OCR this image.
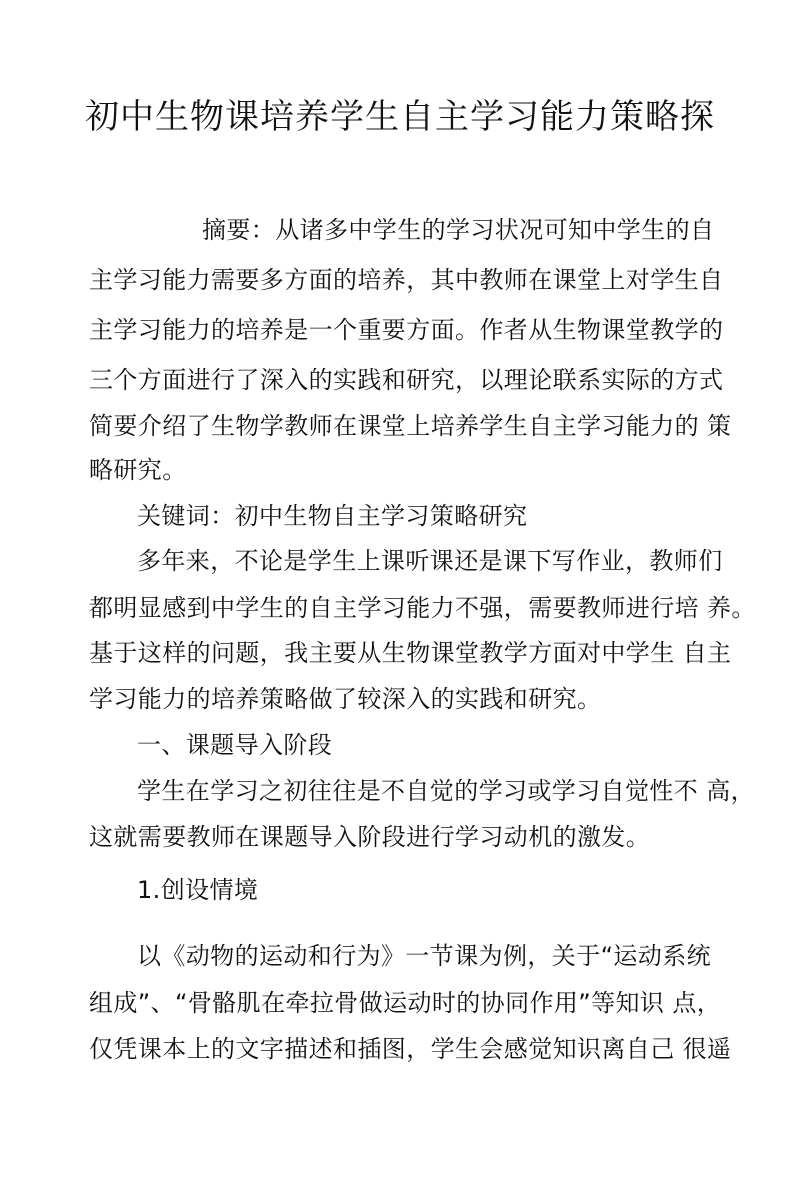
初中生物课培养学生自主学习能力策略探
摘要：从诸多中学生的学习状况可知中学生的自
主学习能力需要多方面的培养，其中教师在课堂上对学生自
主学习能力的培养是一个重要方面。作者从生物课堂教学的
三个方面进行了深入的实践和研究，以理论联系实际的方式
简要介绍了生物学教师在课堂上培养学生自主学习能力的 策
略研究。
关键词：初中生物自主学习策略研究
多年来，不论是学生上课听课还是课下写作业，教师们
都明显感到中学生的自主学习能力不强，需要教师进行培 养。
基于这样的问题，我主要从生物课堂教学方面对中学生 自主
学习能力的培养策略做了较深入的实践和研究。
一、课题导入阶段
学生在学习之初往往是不自觉的学习或学习自觉性不 高，
这就需要教师在课题导入阶段进行学习动机的激发。
1.创设情境
以《动物的运动和行为》一节课为例，关于“运动系统
组成”、“骨骼肌在牵拉骨做运动时的协同作用”等知识 点，
仅凭课本上的文字描述和插图，学生会感觉知识离自己 很遥
